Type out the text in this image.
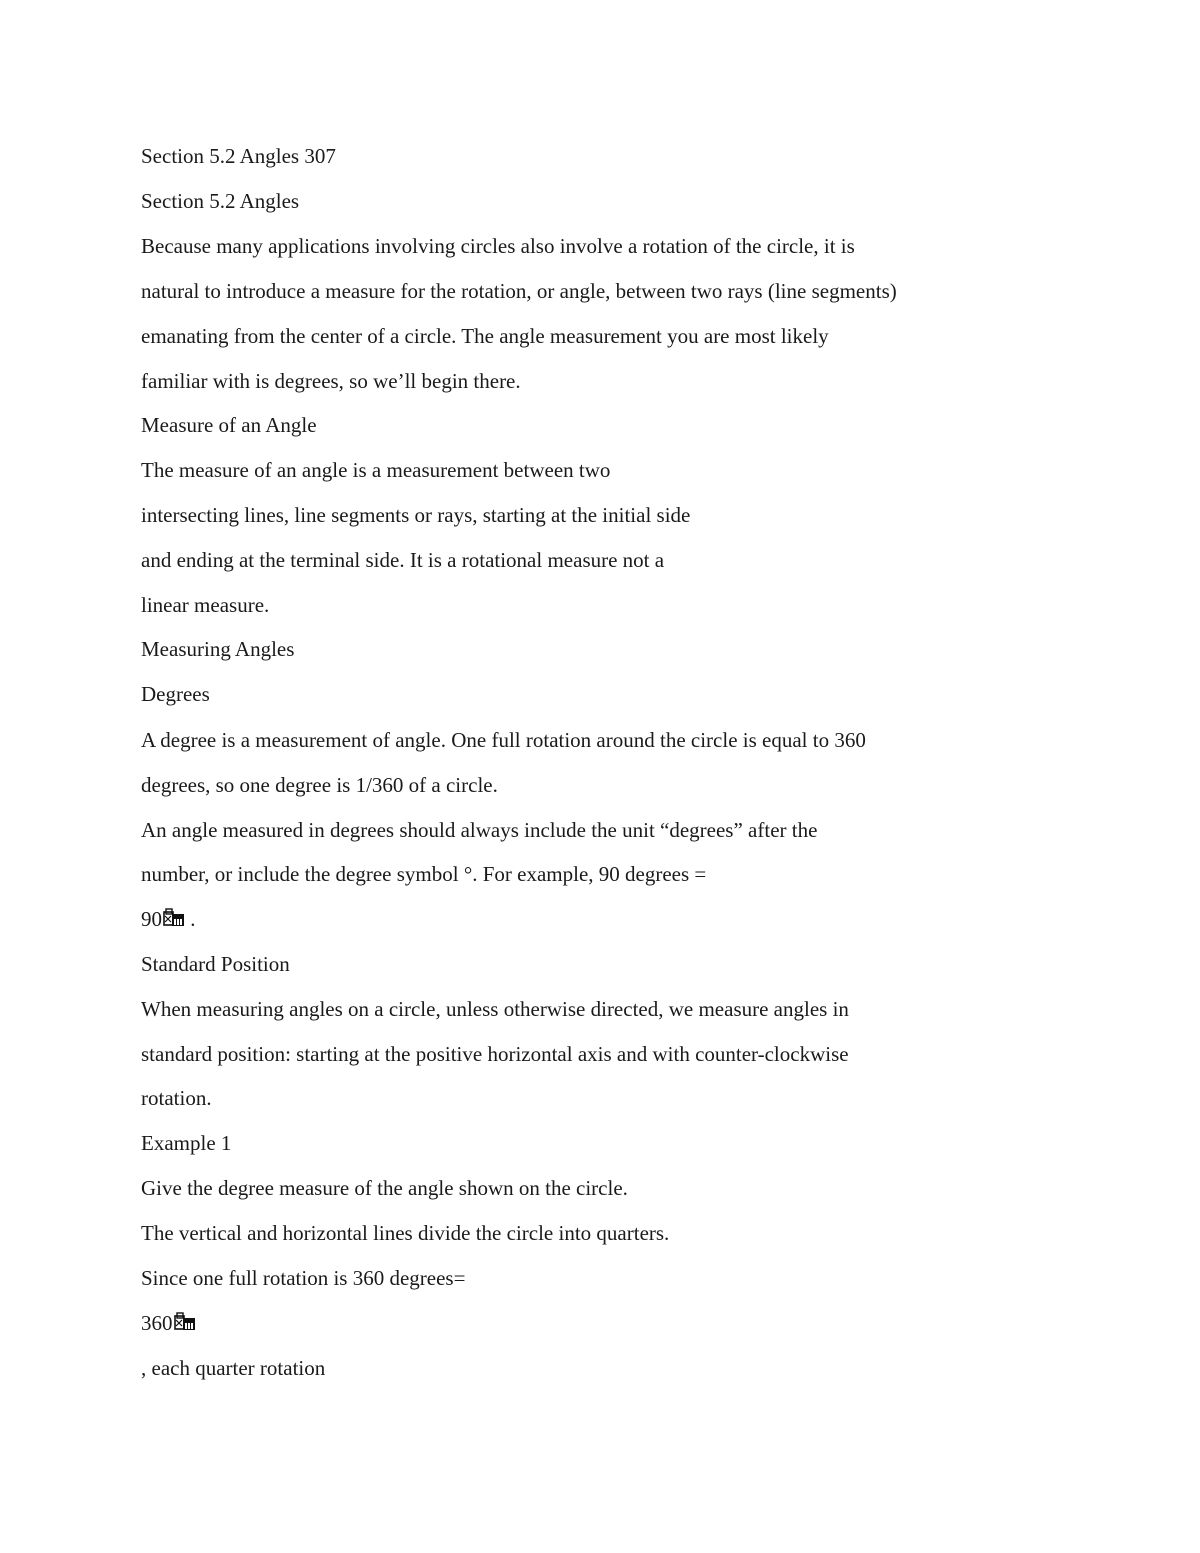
Section 5.2 Angles 307

Section 5.2 Angles

Because many applications involving circles also involve a rotation of the circle, it is

natural to introduce a measure for the rotation, or angle, between two rays (line segments)

emanating from the center of a circle. The angle measurement you are most likely

familiar with is degrees, so we’ll begin there.

Measure of an Angle

The measure of an angle is a measurement between two

intersecting lines, line segments or rays, starting at the initial side

and ending at the terminal side. It is a rotational measure not a

linear measure.

Measuring Angles

Degrees

A degree is a measurement of angle. One full rotation around the circle is equal to 360

degrees, so one degree is 1/360 of a circle.

An angle measured in degrees should always include the unit “degrees” after the

number, or include the degree symbol °. For example, 90 degrees =

90
.

Standard Position

When measuring angles on a circle, unless otherwise directed, we measure angles in

standard position: starting at the positive horizontal axis and with counter-clockwise

rotation.

Example 1

Give the degree measure of the angle shown on the circle.

The vertical and horizontal lines divide the circle into quarters.

Since one full rotation is 360 degrees=

360

, each quarter rotation
